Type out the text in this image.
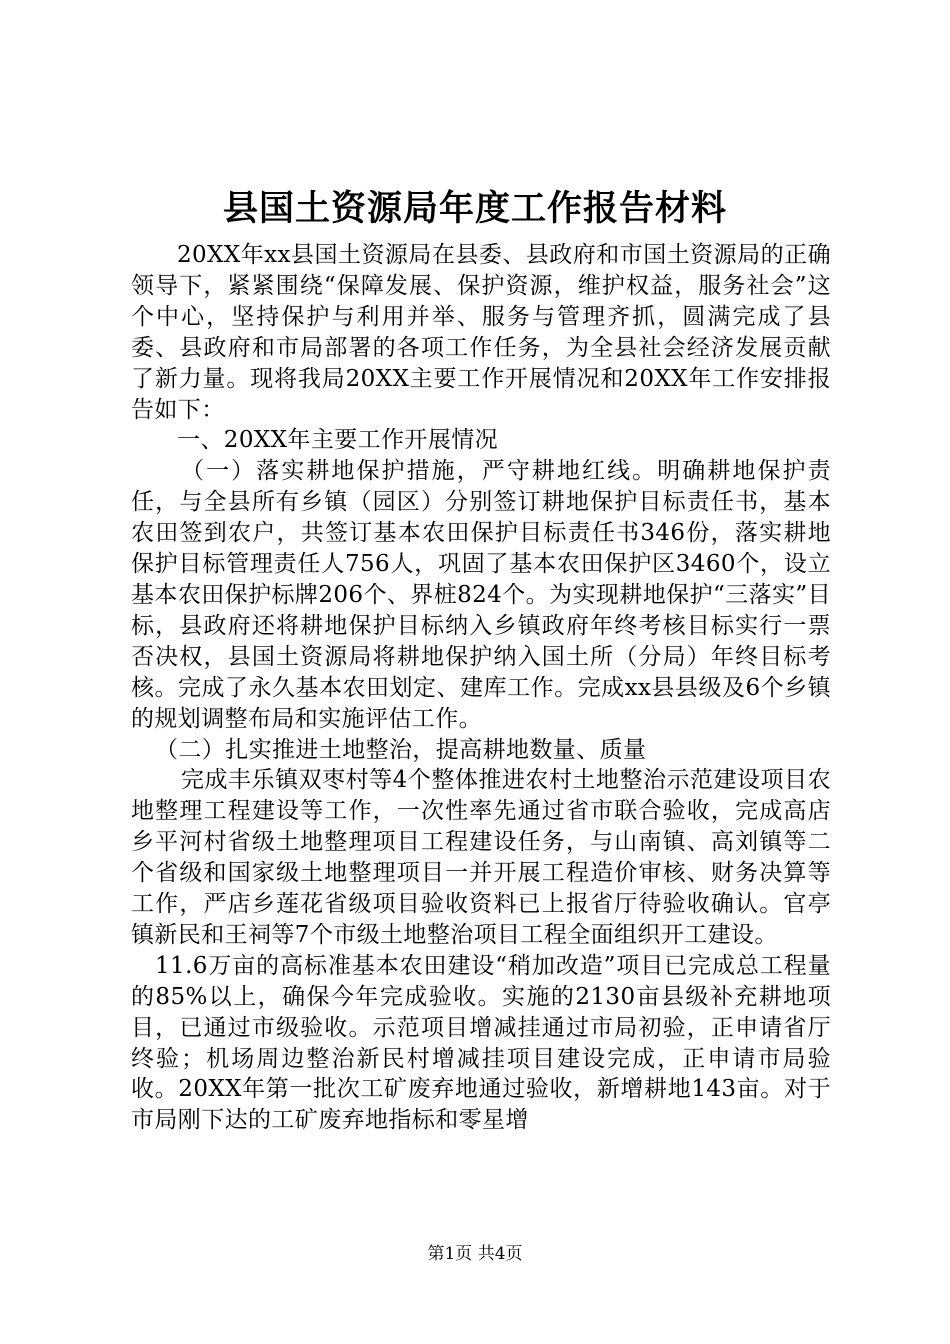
县国土资源局年度工作报告材料

20XX年xx县国土资源局在县委、县政府和市国土资源局的正确领导下，紧紧围绕“保障发展、保护资源，维护权益，服务社会”这个中心，坚持保护与利用并举、服务与管理齐抓，圆满完成了县委、县政府和市局部署的各项工作任务，为全县社会经济发展贡献了新力量。现将我局20XX主要工作开展情况和20XX年工作安排报告如下：

一、20XX年主要工作开展情况

（一）落实耕地保护措施，严守耕地红线。明确耕地保护责任，与全县所有乡镇（园区）分别签订耕地保护目标责任书，基本农田签到农户，共签订基本农田保护目标责任书346份，落实耕地保护目标管理责任人756人，巩固了基本农田保护区3460个，设立基本农田保护标牌206个、界桩824个。为实现耕地保护“三落实”目标，县政府还将耕地保护目标纳入乡镇政府年终考核目标实行一票否决权，县国土资源局将耕地保护纳入国土所（分局）年终目标考核。完成了永久基本农田划定、建库工作。完成xx县县级及6个乡镇的规划调整布局和实施评估工作。

（二）扎实推进土地整治，提高耕地数量、质量

完成丰乐镇双枣村等4个整体推进农村土地整治示范建设项目农地整理工程建设等工作，一次性率先通过省市联合验收，完成高店乡平河村省级土地整理项目工程建设任务，与山南镇、高刘镇等二个省级和国家级土地整理项目一并开展工程造价审核、财务决算等工作，严店乡莲花省级项目验收资料已上报省厅待验收确认。官亭镇新民和王祠等7个市级土地整治项目工程全面组织开工建设。

11.6万亩的高标准基本农田建设“稍加改造”项目已完成总工程量的85%以上，确保今年完成验收。实施的2130亩县级补充耕地项目，已通过市级验收。示范项目增减挂通过市局初验，正申请省厅终验；机场周边整治新民村增减挂项目建设完成，正申请市局验收。20XX年第一批次工矿废弃地通过验收，新增耕地143亩。对于市局刚下达的工矿废弃地指标和零星增

第1页 共4页
